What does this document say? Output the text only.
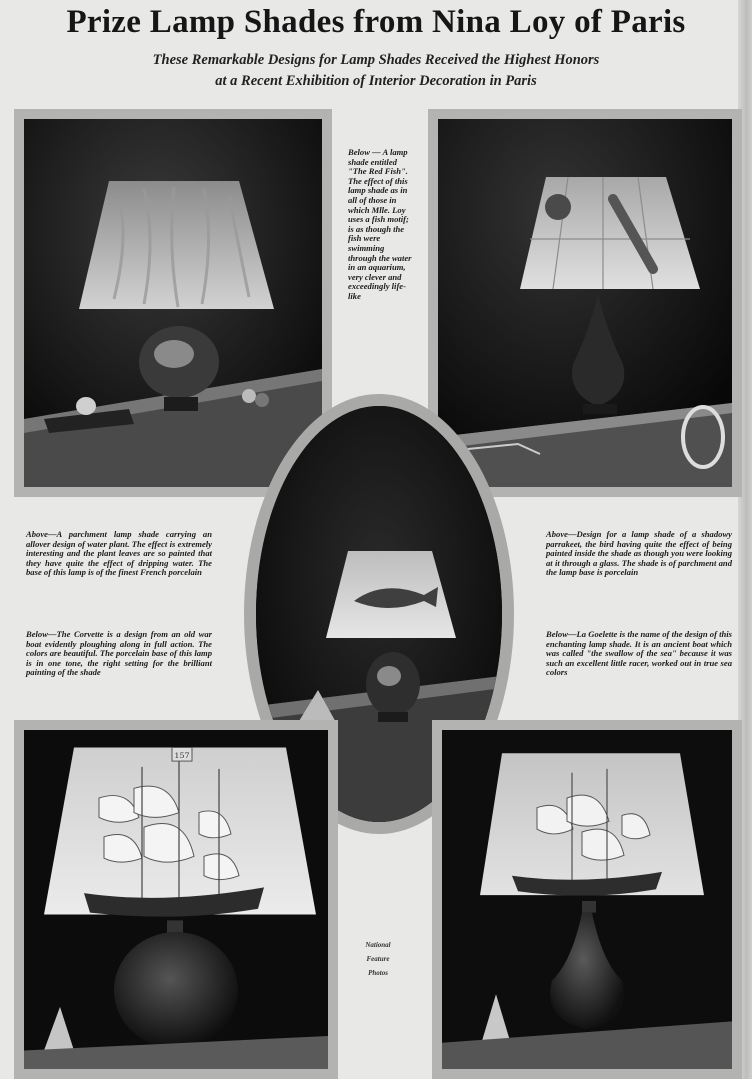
Prize Lamp Shades from Nina Loy of Paris

These Remarkable Designs for Lamp Shades Received the Highest Honors
at a Recent Exhibition of Interior Decoration in Paris

157

Below — A lamp shade entitled "The Red Fish". The effect of this lamp shade as in all of those in which Mlle. Loy uses a fish motif; is as though the fish were swimming through the water in an aquarium, very clever and exceedingly life-like

Above—A parchment lamp shade carrying an allover design of water plant. The effect is extremely interesting and the plant leaves are so painted that they have quite the effect of dripping water. The base of this lamp is of the finest French porcelain

Above—Design for a lamp shade of a shadowy parrakeet, the bird having quite the effect of being painted inside the shade as though you were looking at it through a glass. The shade is of parchment and the lamp base is porcelain

Below—The Corvette is a design from an old war boat evidently ploughing along in full action. The colors are beautiful. The porcelain base of this lamp is in one tone, the right setting for the brilliant painting of the shade

Below—La Goelette is the name of the design of this enchanting lamp shade. It is an ancient boat which was called "the swallow of the sea" because it was such an excellent little racer, worked out in true sea colors

National
Feature
Photos
